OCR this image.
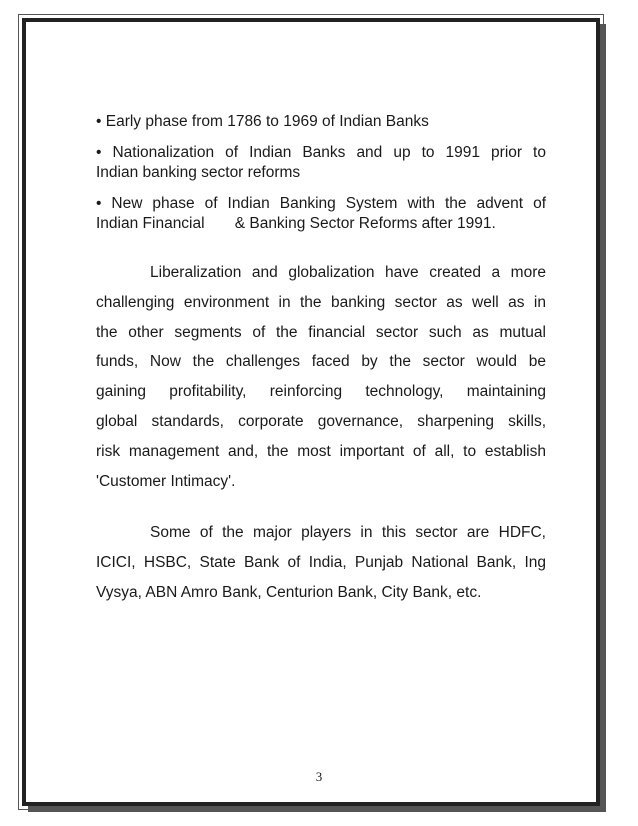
• Early phase from 1786 to 1969 of Indian Banks

• Nationalization of Indian Banks and up to 1991 prior to
Indian banking sector reforms

• New phase of Indian Banking System with the advent of
Indian Financial       & Banking Sector Reforms after 1991.

Liberalization and globalization have created a more
challenging environment in the banking sector as well as in
the other segments of the financial sector such as mutual
funds, Now the challenges faced by the sector would be
gaining profitability, reinforcing technology, maintaining
global standards, corporate governance, sharpening skills,
risk management and, the most important of all, to establish
'Customer Intimacy'.

Some of the major players in this sector are HDFC,
ICICI, HSBC, State Bank of India, Punjab National Bank, Ing
Vysya, ABN Amro Bank, Centurion Bank, City Bank, etc.

3
